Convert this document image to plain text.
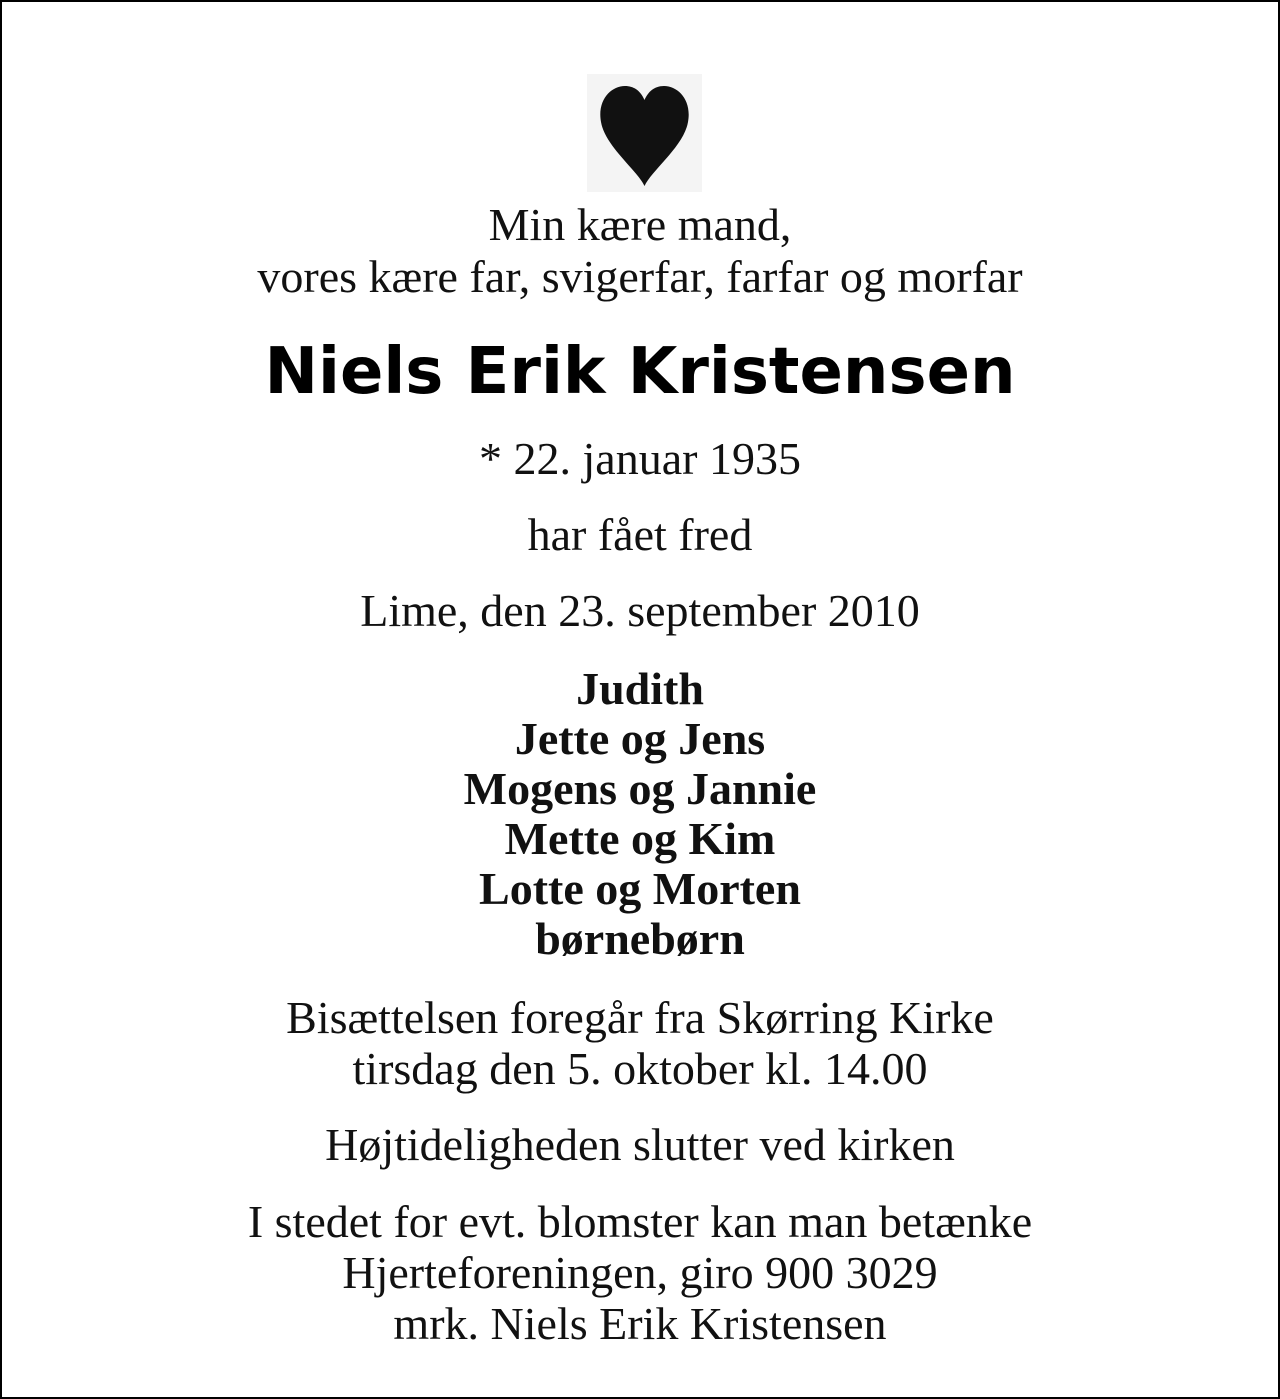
Min kære mand,
vores kære far, svigerfar, farfar og morfar
Niels Erik Kristensen
* 22. januar 1935
har fået fred
Lime, den 23. september 2010
Judith
Jette og Jens
Mogens og Jannie
Mette og Kim
Lotte og Morten
børnebørn
Bisættelsen foregår fra Skørring Kirke
tirsdag den 5. oktober kl. 14.00
Højtideligheden slutter ved kirken
I stedet for evt. blomster kan man betænke
Hjerteforeningen, giro 900 3029
mrk. Niels Erik Kristensen
